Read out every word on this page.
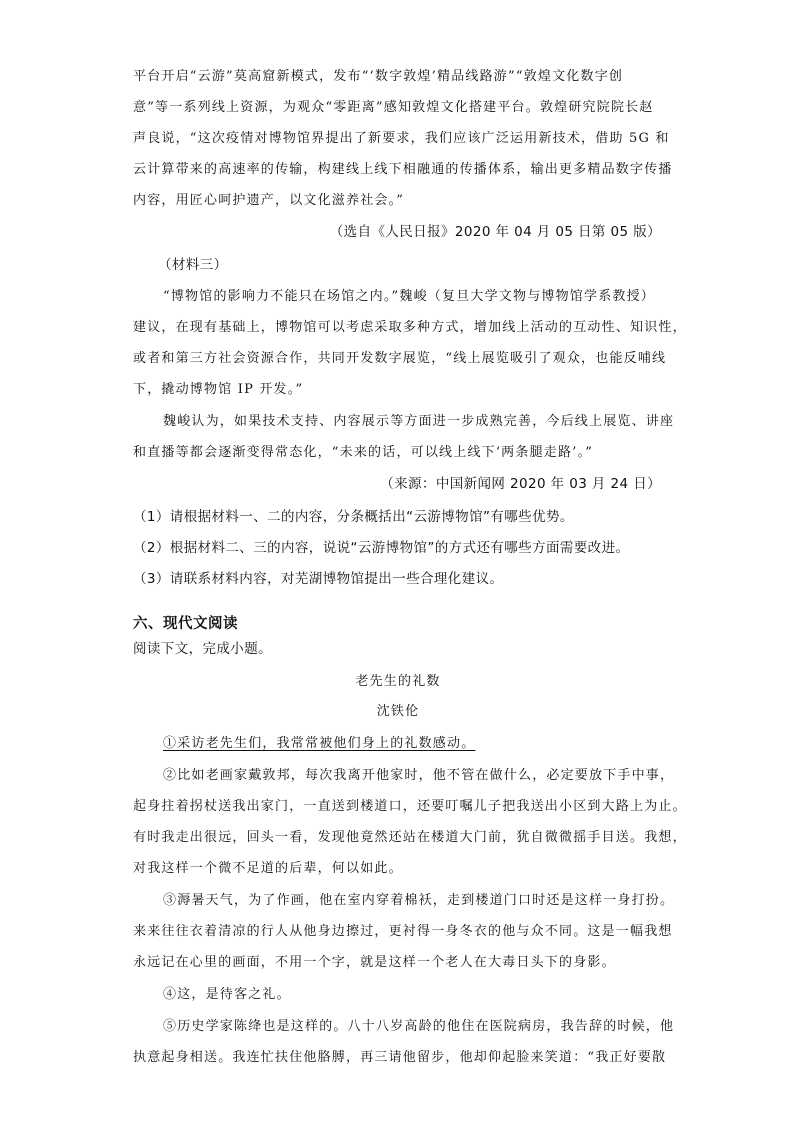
平台开启“云游”莫高窟新模式，发布“‘数字敦煌’精品线路游”“敦煌文化数字创
意”等一系列线上资源，为观众“零距离”感知敦煌文化搭建平台。敦煌研究院院长赵
声良说，“这次疫情对博物馆界提出了新要求，我们应该广泛运用新技术，借助 5G 和
云计算带来的高速率的传输，构建线上线下相融通的传播体系，输出更多精品数字传播
内容，用匠心呵护遗产，以文化滋养社会。”
（选自《人民日报》2020 年 04 月 05 日第 05 版）
（材料三）
“博物馆的影响力不能只在场馆之内。”魏峻（复旦大学文物与博物馆学系教授）
建议，在现有基础上，博物馆可以考虑采取多种方式，增加线上活动的互动性、知识性，
或者和第三方社会资源合作，共同开发数字展览，“线上展览吸引了观众，也能反哺线
下，撬动博物馆 IP 开发。”
魏峻认为，如果技术支持、内容展示等方面进一步成熟完善，今后线上展览、讲座
和直播等都会逐渐变得常态化，“未来的话，可以线上线下‘两条腿走路’。”
（来源：中国新闻网 2020 年 03 月 24 日）
（1）请根据材料一、二的内容，分条概括出“云游博物馆”有哪些优势。
（2）根据材料二、三的内容，说说“云游博物馆”的方式还有哪些方面需要改进。
（3）请联系材料内容，对芜湖博物馆提出一些合理化建议。
六、现代文阅读
阅读下文，完成小题。
老先生的礼数
沈铁伦
①采访老先生们，我常常被他们身上的礼数感动。
②比如老画家戴敦邦，每次我离开他家时，他不管在做什么，必定要放下手中事，
起身拄着拐杖送我出家门，一直送到楼道口，还要叮嘱儿子把我送出小区到大路上为止。
有时我走出很远，回头一看，发现他竟然还站在楼道大门前，犹自微微摇手目送。我想，
对我这样一个微不足道的后辈，何以如此。
③溽暑天气，为了作画，他在室内穿着棉袄，走到楼道门口时还是这样一身打扮。
来来往往衣着清凉的行人从他身边擦过，更衬得一身冬衣的他与众不同。这是一幅我想
永远记在心里的画面，不用一个字，就是这样一个老人在大毒日头下的身影。
④这，是待客之礼。
⑤历史学家陈绛也是这样的。八十八岁高龄的他住在医院病房，我告辞的时候，他
执意起身相送。我连忙扶住他胳膊，再三请他留步，他却仰起脸来笑道：“我正好要散
